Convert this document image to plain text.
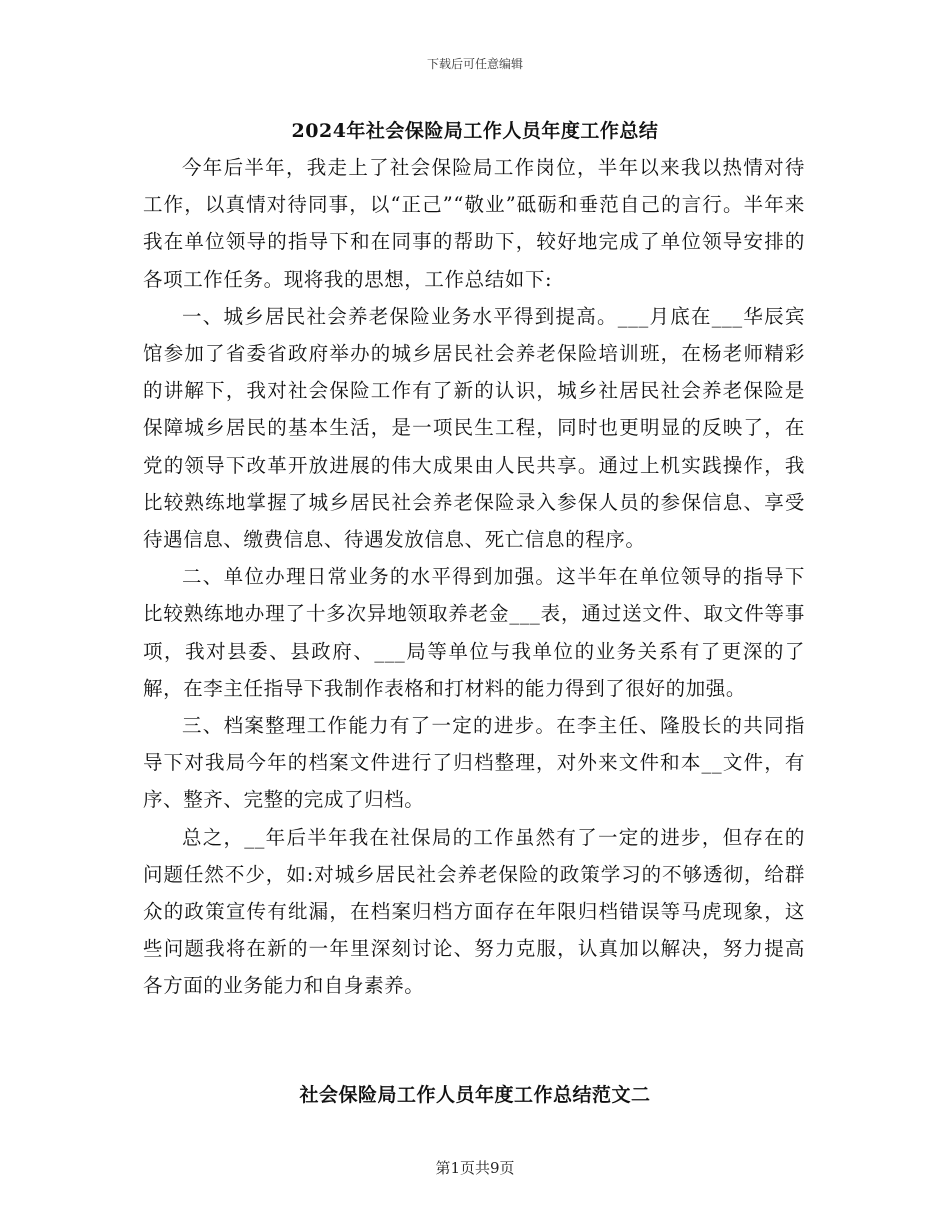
下载后可任意编辑
2024年社会保险局工作人员年度工作总结

今年后半年，我走上了社会保险局工作岗位，半年以来我以热情对待工作，以真情对待同事，以“正己”“敬业”砥砺和垂范自己的言行。半年来我在单位领导的指导下和在同事的帮助下，较好地完成了单位领导安排的各项工作任务。现将我的思想，工作总结如下:

一、城乡居民社会养老保险业务水平得到提高。___月底在___华辰宾馆参加了省委省政府举办的城乡居民社会养老保险培训班，在杨老师精彩的讲解下，我对社会保险工作有了新的认识，城乡社居民社会养老保险是保障城乡居民的基本生活，是一项民生工程，同时也更明显的反映了，在党的领导下改革开放进展的伟大成果由人民共享。通过上机实践操作，我比较熟练地掌握了城乡居民社会养老保险录入参保人员的参保信息、享受待遇信息、缴费信息、待遇发放信息、死亡信息的程序。

二、单位办理日常业务的水平得到加强。这半年在单位领导的指导下比较熟练地办理了十多次异地领取养老金___表，通过送文件、取文件等事项，我对县委、县政府、___局等单位与我单位的业务关系有了更深的了解，在李主任指导下我制作表格和打材料的能力得到了很好的加强。

三、档案整理工作能力有了一定的进步。在李主任、隆股长的共同指导下对我局今年的档案文件进行了归档整理，对外来文件和本__文件，有序、整齐、完整的完成了归档。

总之，__年后半年我在社保局的工作虽然有了一定的进步，但存在的问题任然不少，如:对城乡居民社会养老保险的政策学习的不够透彻，给群众的政策宣传有纰漏，在档案归档方面存在年限归档错误等马虎现象，这些问题我将在新的一年里深刻讨论、努力克服，认真加以解决，努力提高各方面的业务能力和自身素养。

社会保险局工作人员年度工作总结范文二
第1页共9页
